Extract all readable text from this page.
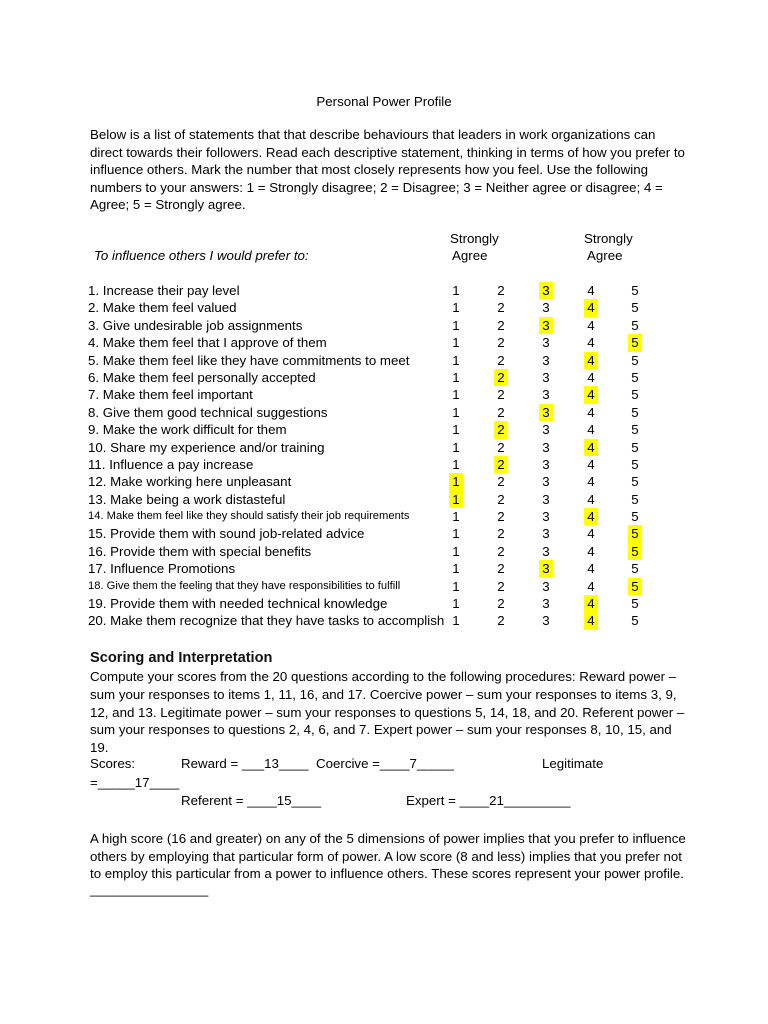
Personal Power Profile

Below is a list of statements that that describe behaviours that leaders in work organizations can direct towards their followers. Read each descriptive statement, thinking in terms of how you prefer to influence others. Mark the number that most closely represents how you feel. Use the following numbers to your answers: 1 = Strongly disagree; 2 = Disagree; 3 = Neither agree or disagree; 4 = Agree; 5 = Strongly agree.

To influence others I would prefer to:
Strongly
Agree
Strongly
Agree
1. Increase their pay level	1	2	3	4	5
2. Make them feel valued	1	2	3	4	5
3. Give undesirable job assignments	1	2	3	4	5
4. Make them feel that I approve of them	1	2	3	4	5
5. Make them feel like they have commitments to meet	1	2	3	4	5
6. Make them feel personally accepted	1	2	3	4	5
7. Make them feel important	1	2	3	4	5
8. Give them good technical suggestions	1	2	3	4	5
9. Make the work difficult for them	1	2	3	4	5
10. Share my experience and/or training	1	2	3	4	5
11. Influence a pay increase	1	2	3	4	5
12. Make working here unpleasant	1	2	3	4	5
13. Make being a work distasteful	1	2	3	4	5
14. Make them feel like they should satisfy their job requirements	1	2	3	4	5
15. Provide them with sound job-related advice	1	2	3	4	5
16. Provide them with special benefits	1	2	3	4	5
17. Influence Promotions	1	2	3	4	5
18. Give them the feeling that they have responsibilities to fulfill	1	2	3	4	5
19. Provide them with needed technical knowledge	1	2	3	4	5
20. Make them recognize that they have tasks to accomplish 1	2	3	4	5
Scoring and Interpretation

Compute your scores from the 20 questions according to the following procedures: Reward power –sum your responses to items 1, 11, 16, and 17. Coercive power – sum your responses to items 3, 9, 12, and 13. Legitimate power – sum your responses to questions 5, 14, 18, and 20. Referent power – sum your responses to questions 2, 4, 6, and 7. Expert power – sum your responses 8, 10, 15, and 19.

Scores:	Reward = ___13____ Coercive =____7_____	Legitimate
=_____17____
Referent = ____15____	Expert = ____21_________

A high score (16 and greater) on any of the 5 dimensions of power implies that you prefer to influence others by employing that particular form of power. A low score (8 and less) implies that you prefer not to employ this particular from a power to influence others. These scores represent your power profile.

________________
